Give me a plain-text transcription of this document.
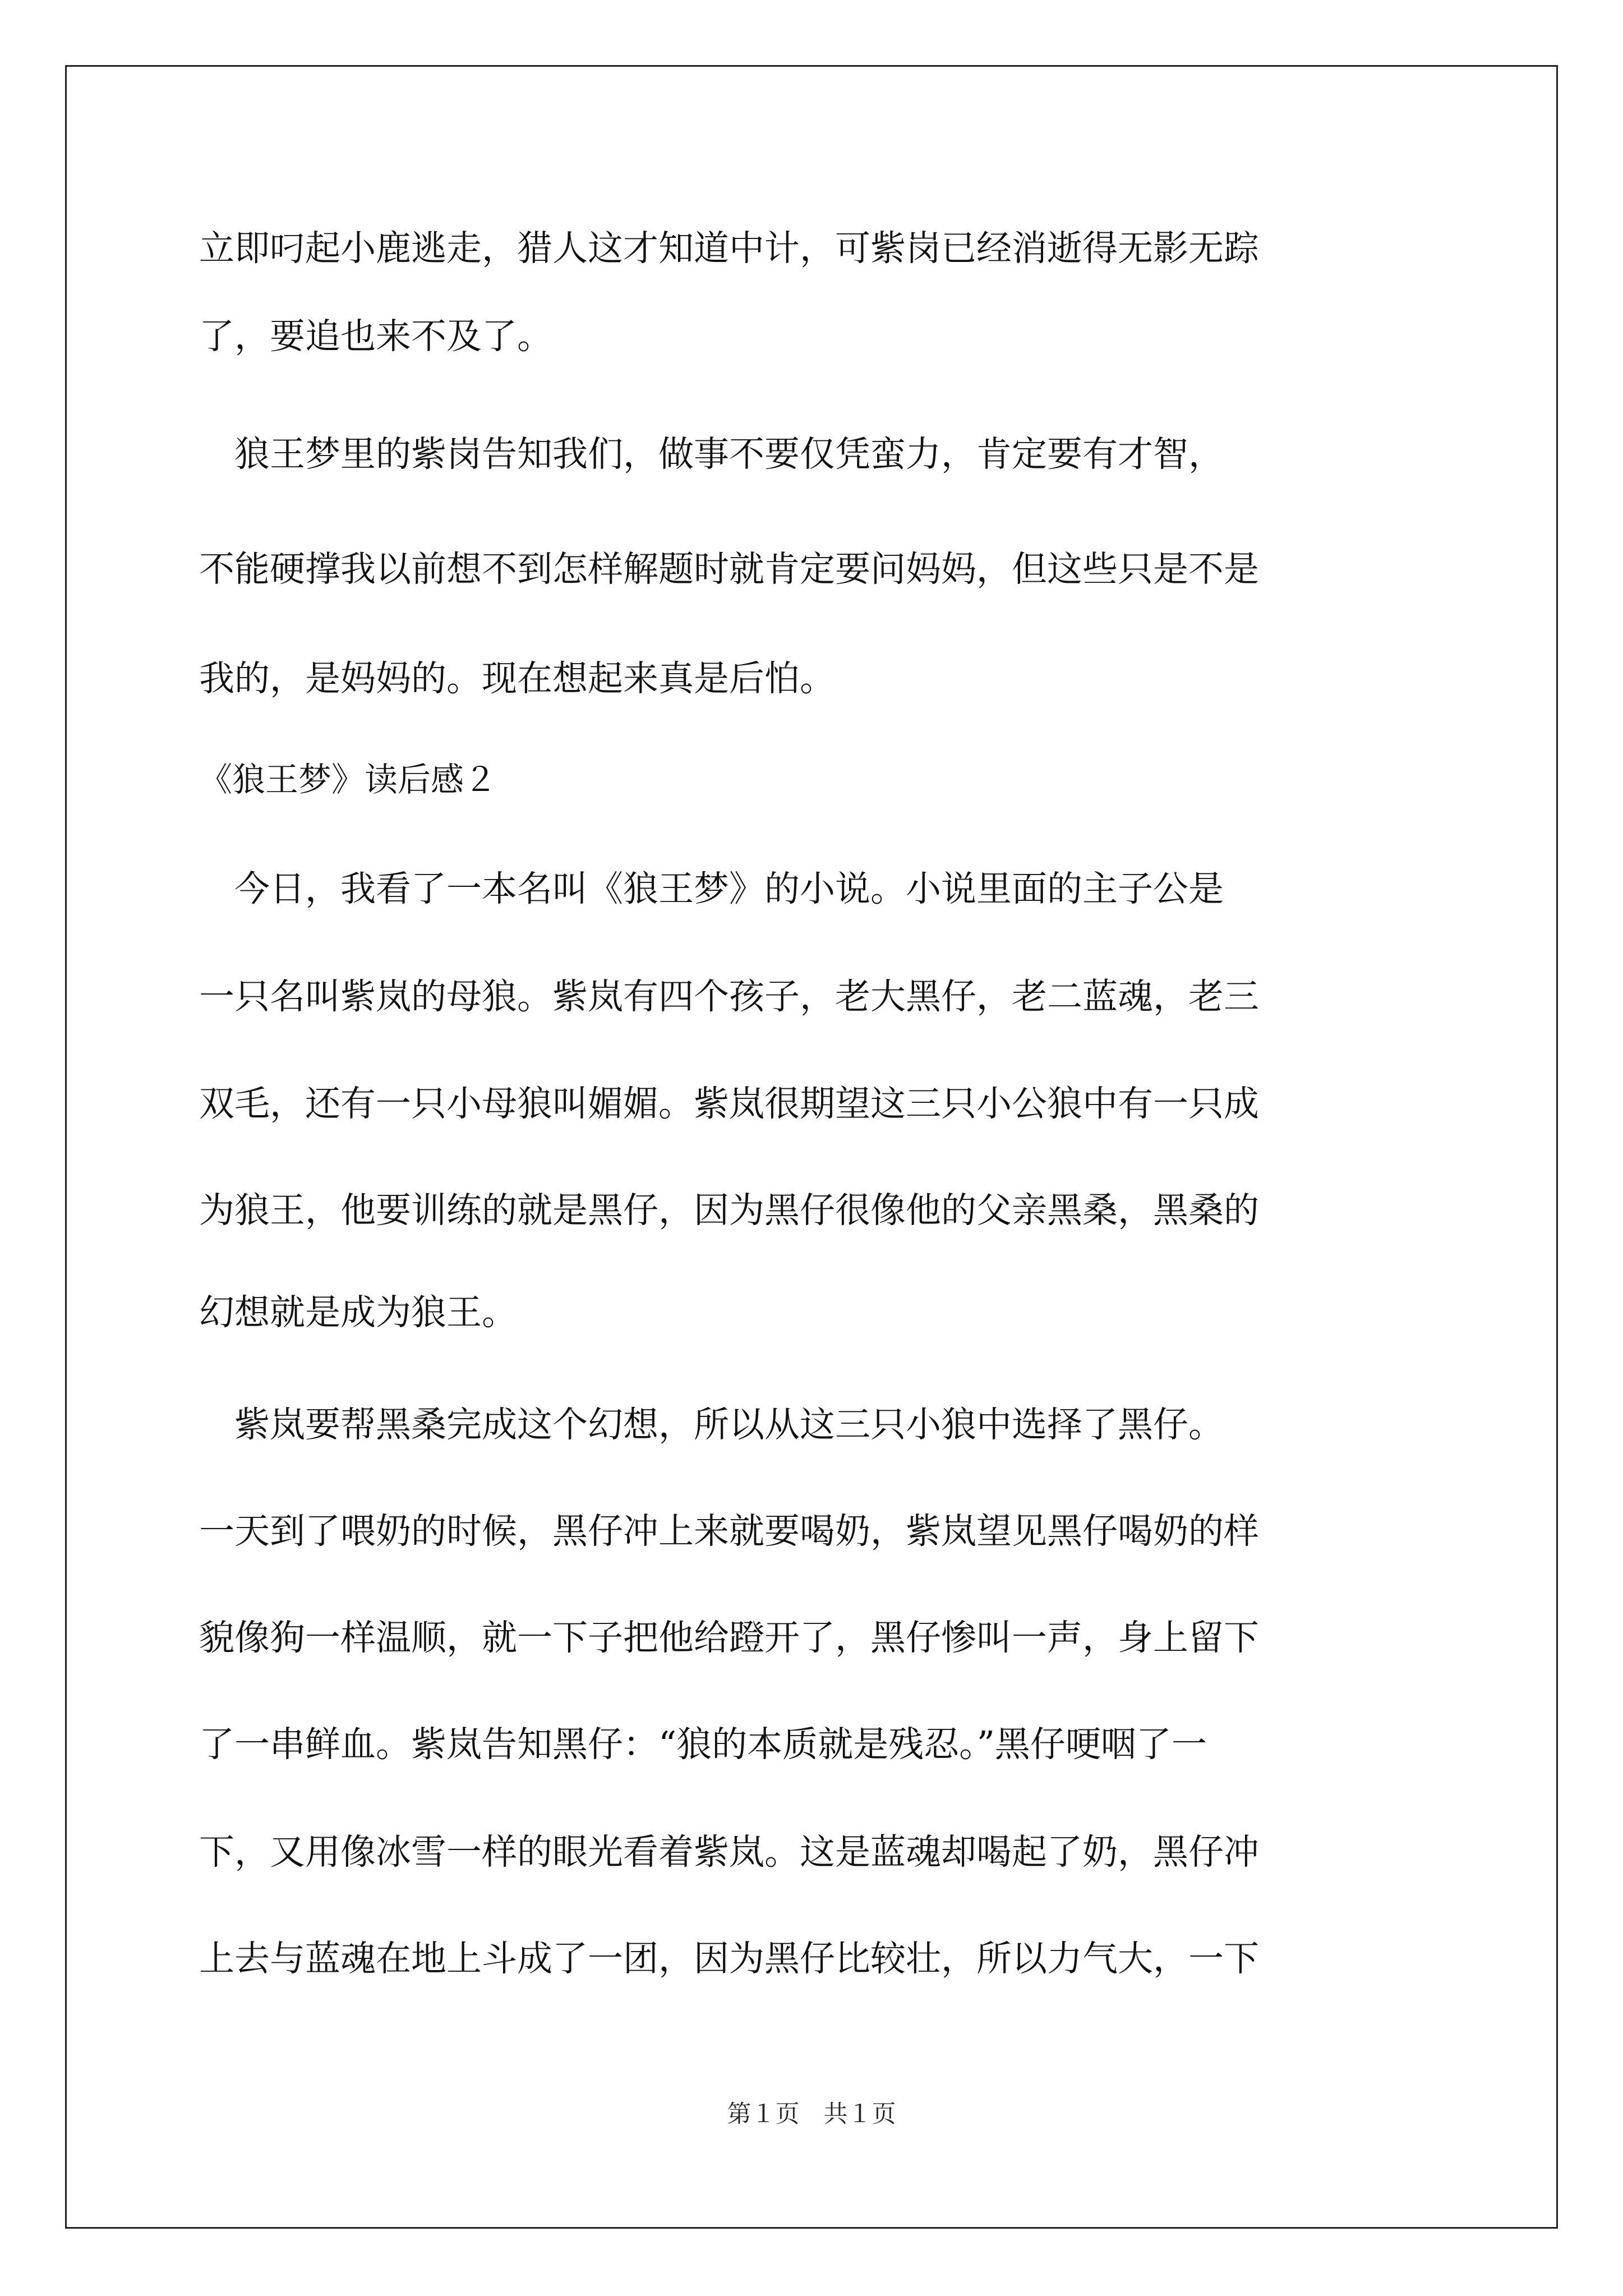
立即叼起小鹿逃走，猎人这才知道中计，可紫岗已经消逝得无影无踪
了，要追也来不及了。
　狼王梦里的紫岗告知我们，做事不要仅凭蛮力，肯定要有才智，
不能硬撑我以前想不到怎样解题时就肯定要问妈妈，但这些只是不是
我的，是妈妈的。现在想起来真是后怕。
《狼王梦》读后感２
　今日，我看了一本名叫《狼王梦》的小说。小说里面的主子公是
一只名叫紫岚的母狼。紫岚有四个孩子，老大黑仔，老二蓝魂，老三
双毛，还有一只小母狼叫媚媚。紫岚很期望这三只小公狼中有一只成
为狼王，他要训练的就是黑仔，因为黑仔很像他的父亲黑桑，黑桑的
幻想就是成为狼王。
　紫岚要帮黑桑完成这个幻想，所以从这三只小狼中选择了黑仔。
一天到了喂奶的时候，黑仔冲上来就要喝奶，紫岚望见黑仔喝奶的样
貌像狗一样温顺，就一下子把他给蹬开了，黑仔惨叫一声，身上留下
了一串鲜血。紫岚告知黑仔：“狼的本质就是残忍。”黑仔哽咽了一
下，又用像冰雪一样的眼光看着紫岚。这是蓝魂却喝起了奶，黑仔冲
上去与蓝魂在地上斗成了一团，因为黑仔比较壮，所以力气大，一下
第１页　共１页
